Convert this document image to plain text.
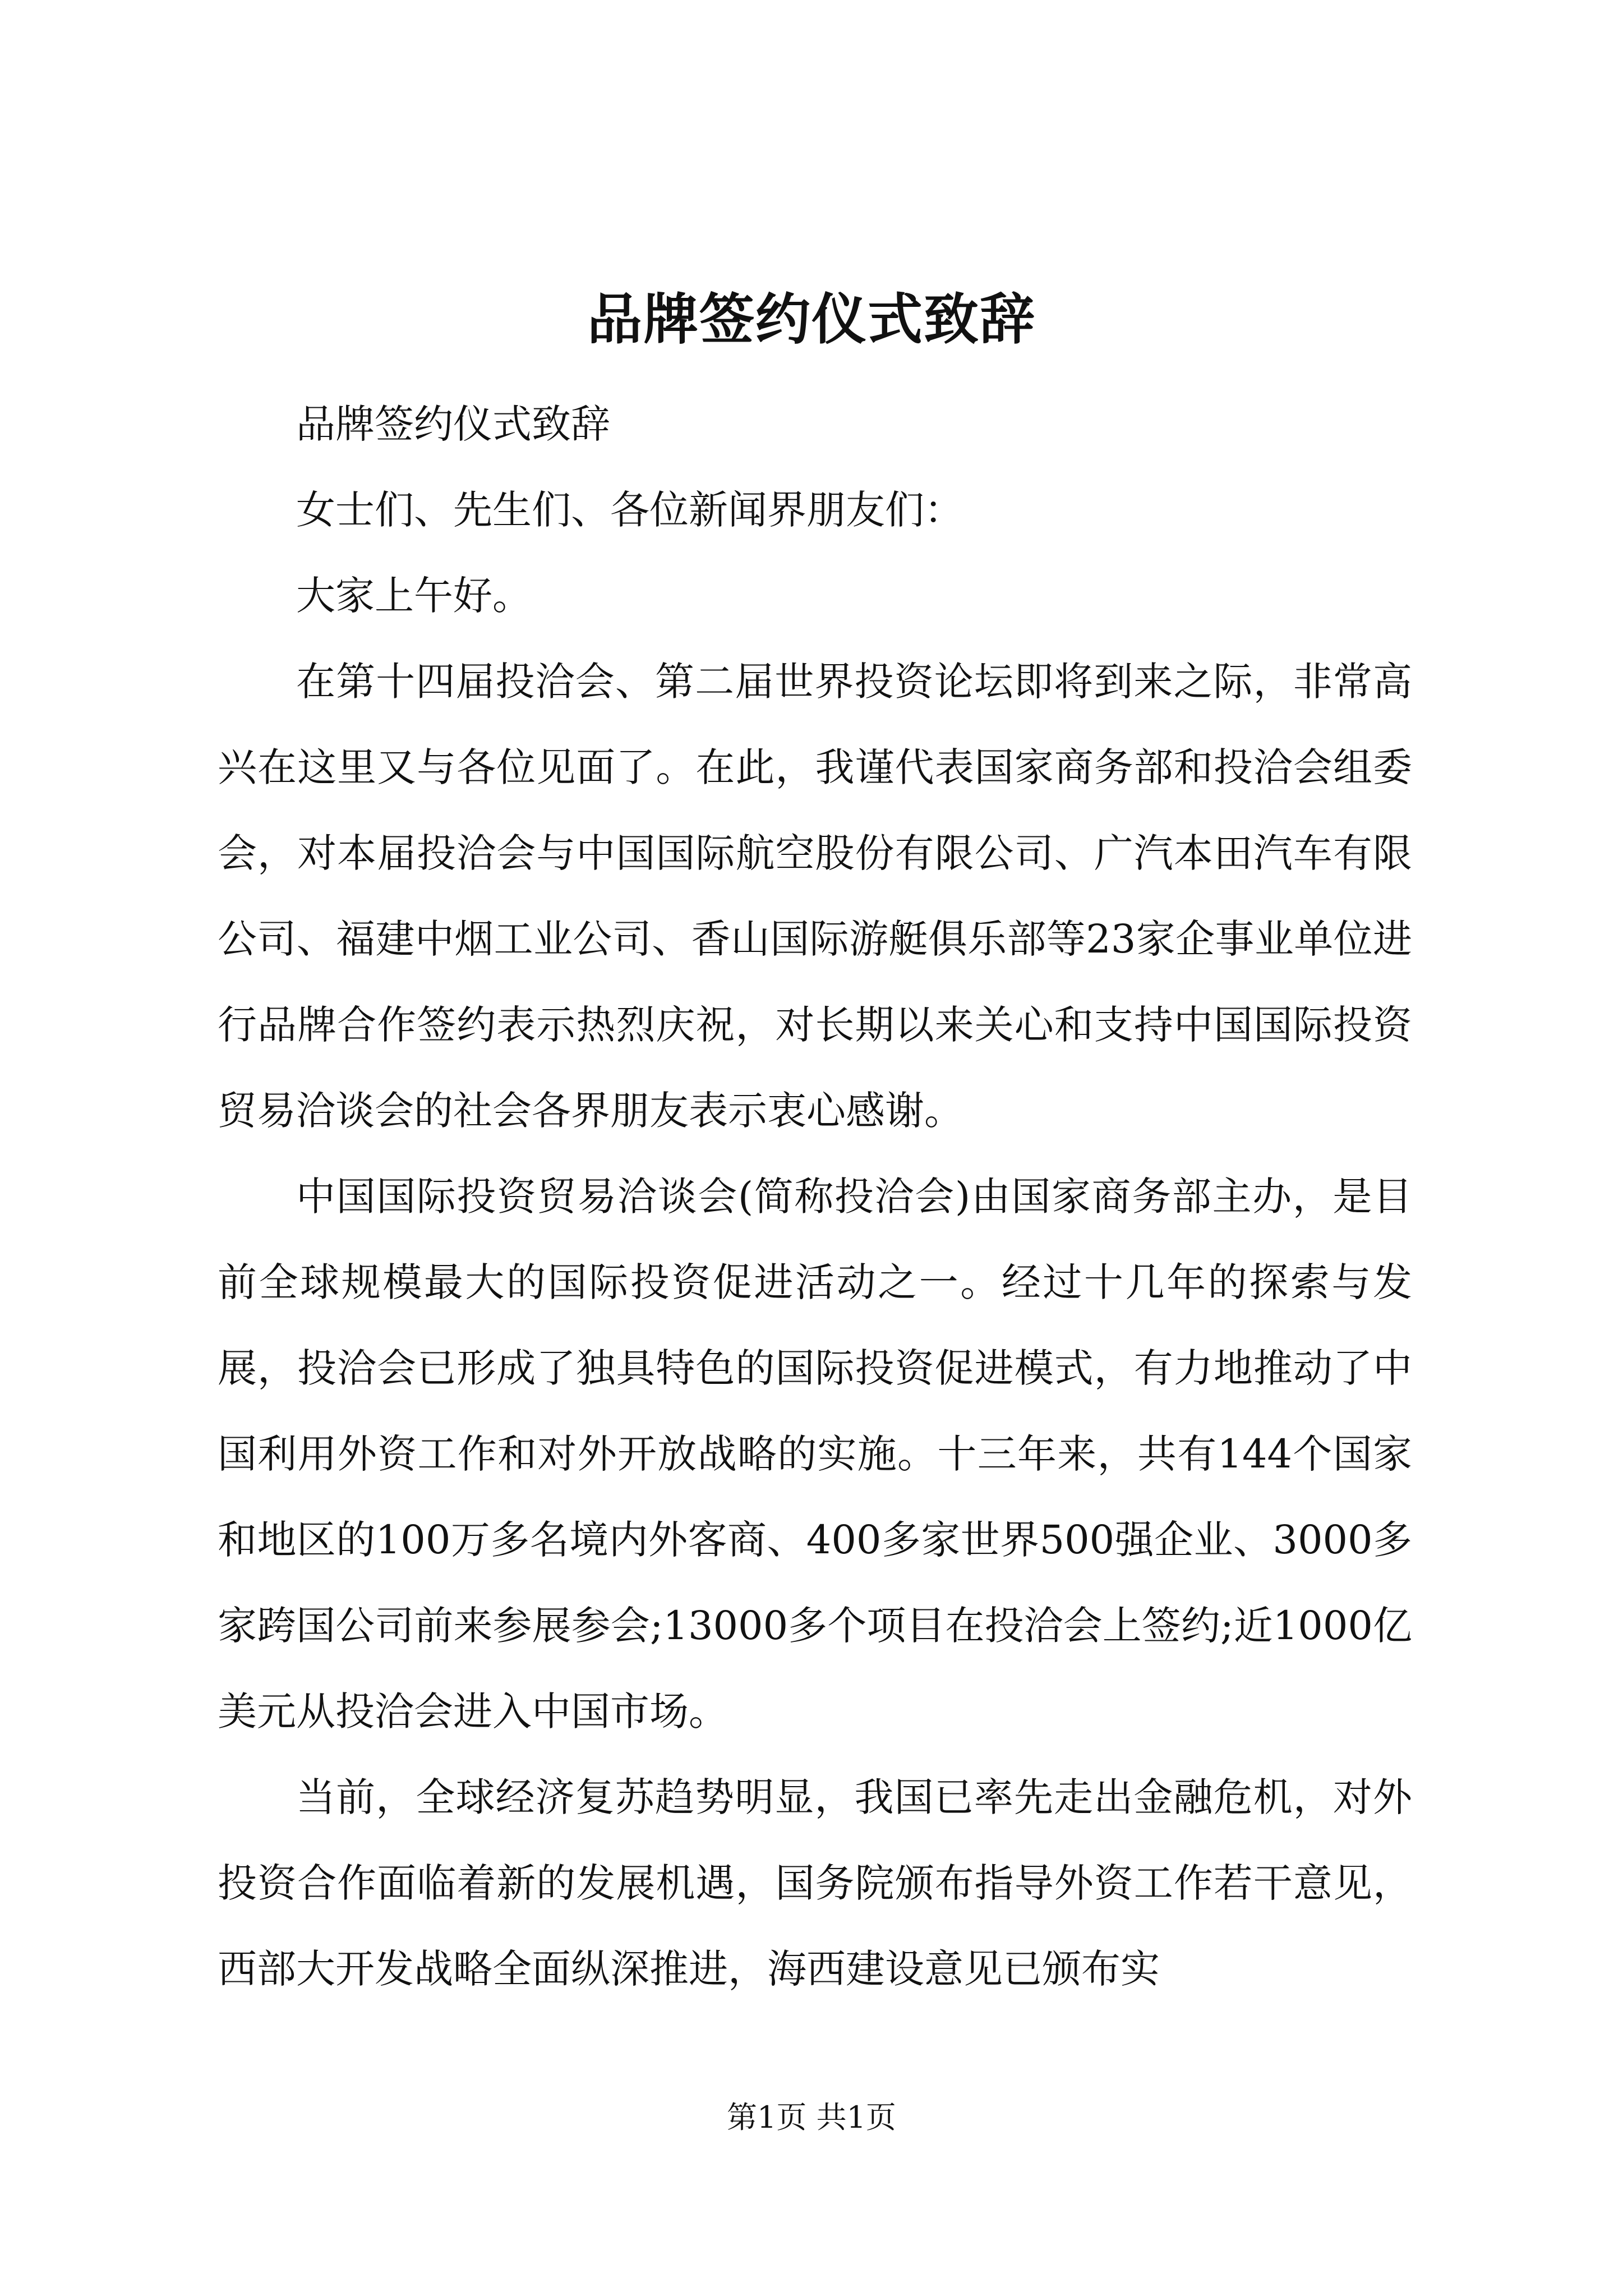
品牌签约仪式致辞

品牌签约仪式致辞

女士们、先生们、各位新闻界朋友们：

大家上午好。

在第十四届投洽会、第二届世界投资论坛即将到来之际，非常高兴在这里又与各位见面了。在此，我谨代表国家商务部和投洽会组委会，对本届投洽会与中国国际航空股份有限公司、广汽本田汽车有限公司、福建中烟工业公司、香山国际游艇俱乐部等23家企事业单位进行品牌合作签约表示热烈庆祝，对长期以来关心和支持中国国际投资贸易洽谈会的社会各界朋友表示衷心感谢。

中国国际投资贸易洽谈会(简称投洽会)由国家商务部主办，是目前全球规模最大的国际投资促进活动之一。经过十几年的探索与发展，投洽会已形成了独具特色的国际投资促进模式，有力地推动了中国利用外资工作和对外开放战略的实施。十三年来，共有144个国家和地区的100万多名境内外客商、400多家世界500强企业、3000多家跨国公司前来参展参会;13000多个项目在投洽会上签约;近1000亿美元从投洽会进入中国市场。

当前，全球经济复苏趋势明显，我国已率先走出金融危机，对外投资合作面临着新的发展机遇，国务院颁布指导外资工作若干意见，西部大开发战略全面纵深推进，海西建设意见已颁布实

第1页 共1页
